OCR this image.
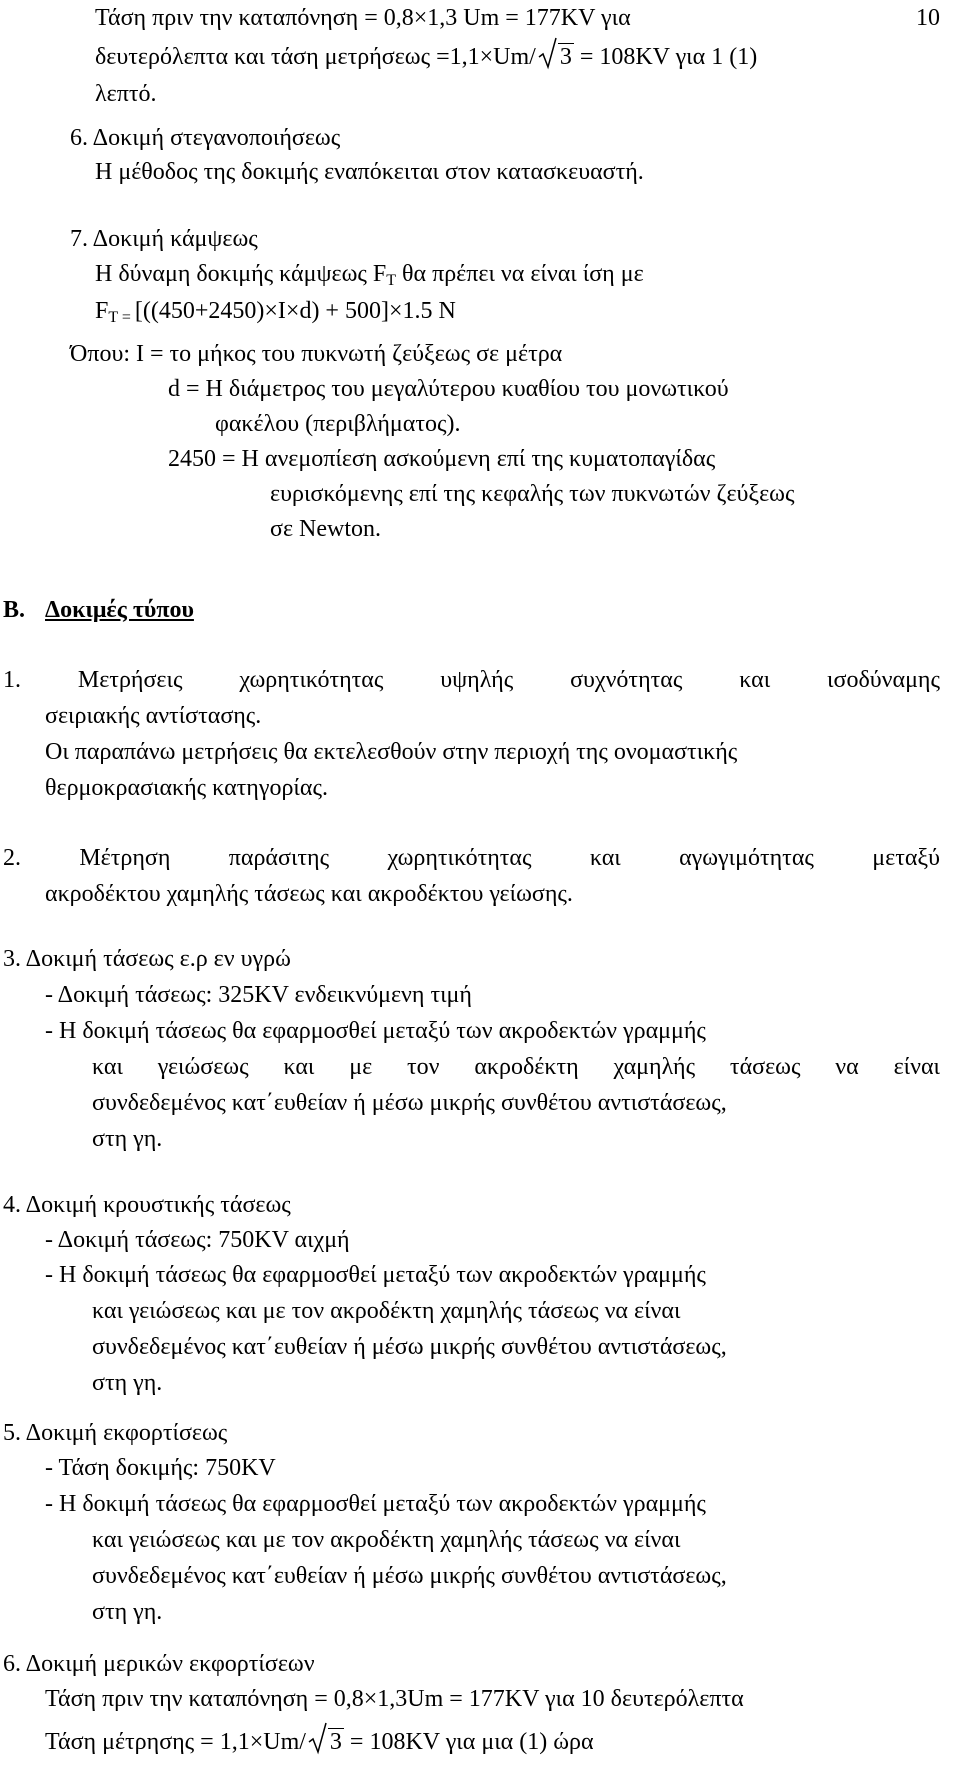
Τάση πριν την καταπόνηση = 0,8×1,3 Um = 177KV για	10
δευτερόλεπτα και τάση μετρήσεως =1,1×Um/ 3 = 108KV για 1 (1)
λεπτό.
6. Δοκιμή στεγανοποιήσεως
Η μέθοδος της δοκιμής εναπόκειται στον κατασκευαστή.
7. Δοκιμή κάμψεως
Η δύναμη δοκιμής κάμψεως $F_T$ θα πρέπει να είναι ίση με
$F_{T =}$ [((450+2450)×I×d) + 500]×1.5 N
Όπου: I = το μήκος του πυκνωτή ζεύξεως σε μέτρα
d = Η διάμετρος του μεγαλύτερου κυαθίου του μονωτικού
φακέλου (περιβλήματος).
2450 = Η ανεμοπίεση ασκούμενη επί της κυματοπαγίδας
ευρισκόμενης επί της κεφαλής των πυκνωτών ζεύξεως
σε Newton.
B. Δοκιμές τύπου
1. Μετρήσεις χωρητικότητας υψηλής συχνότητας και ισοδύναμης
σειριακής αντίστασης.
Οι παραπάνω μετρήσεις θα εκτελεσθούν στην περιοχή της ονομαστικής
θερμοκρασιακής κατηγορίας.
2. Μέτρηση παράσιτης χωρητικότητας και αγωγιμότητας μεταξύ
ακροδέκτου χαμηλής τάσεως και ακροδέκτου γείωσης.
3. Δοκιμή τάσεως ε.ρ εν υγρώ
- Δοκιμή τάσεως: 325KV ενδεικνύμενη τιμή
- Η δοκιμή τάσεως θα εφαρμοσθεί μεταξύ των ακροδεκτών γραμμής
και γειώσεως και με τον ακροδέκτη χαμηλής τάσεως να είναι
συνδεδεμένος κατ΄ευθείαν ή μέσω μικρής συνθέτου αντιστάσεως,
στη γη.
4. Δοκιμή κρουστικής τάσεως
- Δοκιμή τάσεως: 750KV αιχμή
- Η δοκιμή τάσεως θα εφαρμοσθεί μεταξύ των ακροδεκτών γραμμής
και γειώσεως και με τον ακροδέκτη χαμηλής τάσεως να είναι
συνδεδεμένος κατ΄ευθείαν ή μέσω μικρής συνθέτου αντιστάσεως,
στη γη.
5. Δοκιμή εκφορτίσεως
- Τάση δοκιμής: 750KV
- Η δοκιμή τάσεως θα εφαρμοσθεί μεταξύ των ακροδεκτών γραμμής
και γειώσεως και με τον ακροδέκτη χαμηλής τάσεως να είναι
συνδεδεμένος κατ΄ευθείαν ή μέσω μικρής συνθέτου αντιστάσεως,
στη γη.
6. Δοκιμή μερικών εκφορτίσεων
Τάση πριν την καταπόνηση = 0,8×1,3Um = 177KV για 10 δευτερόλεπτα
Τάση μέτρησης = 1,1×Um/ 3 = 108KV για μια (1) ώρα
